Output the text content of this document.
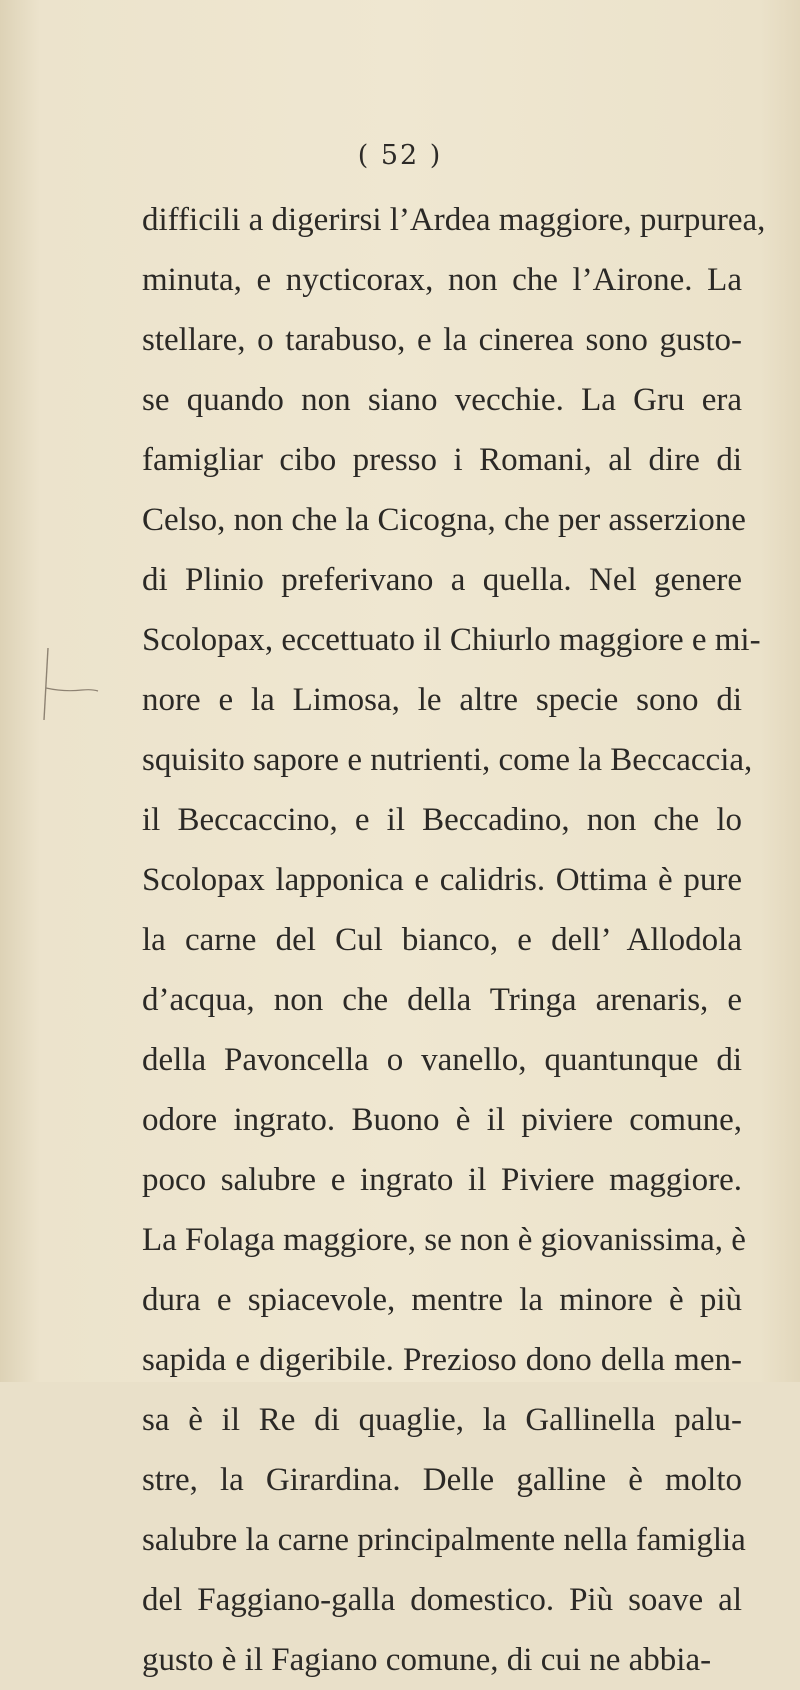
( 52 )
difficili a digerirsi l’Ardea maggiore, purpurea,
minuta, e nycticorax, non che l’Airone. La
stellare, o tarabuso, e la cinerea sono gusto-
se quando non siano vecchie. La Gru era
famigliar cibo presso i Romani, al dire di
Celso, non che la Cicogna, che per asserzione
di Plinio preferivano a quella. Nel genere
Scolopax, eccettuato il Chiurlo maggiore e mi-
nore e la Limosa, le altre specie sono di
squisito sapore e nutrienti, come la Beccaccia,
il Beccaccino, e il Beccadino, non che lo
Scolopax lapponica e calidris. Ottima è pure
la carne del Cul bianco, e dell’ Allodola
d’acqua, non che della Tringa arenaris, e
della Pavoncella o vanello, quantunque di
odore ingrato. Buono è il piviere comune,
poco salubre e ingrato il Piviere maggiore.
La Folaga maggiore, se non è giovanissima, è
dura e spiacevole, mentre la minore è più
sapida e digeribile. Prezioso dono della men-
sa è il Re di quaglie, la Gallinella palu-
stre, la Girardina. Delle galline è molto
salubre la carne principalmente nella famiglia
del Faggiano-galla domestico. Più soave al
gusto è il Fagiano comune, di cui ne abbia-
